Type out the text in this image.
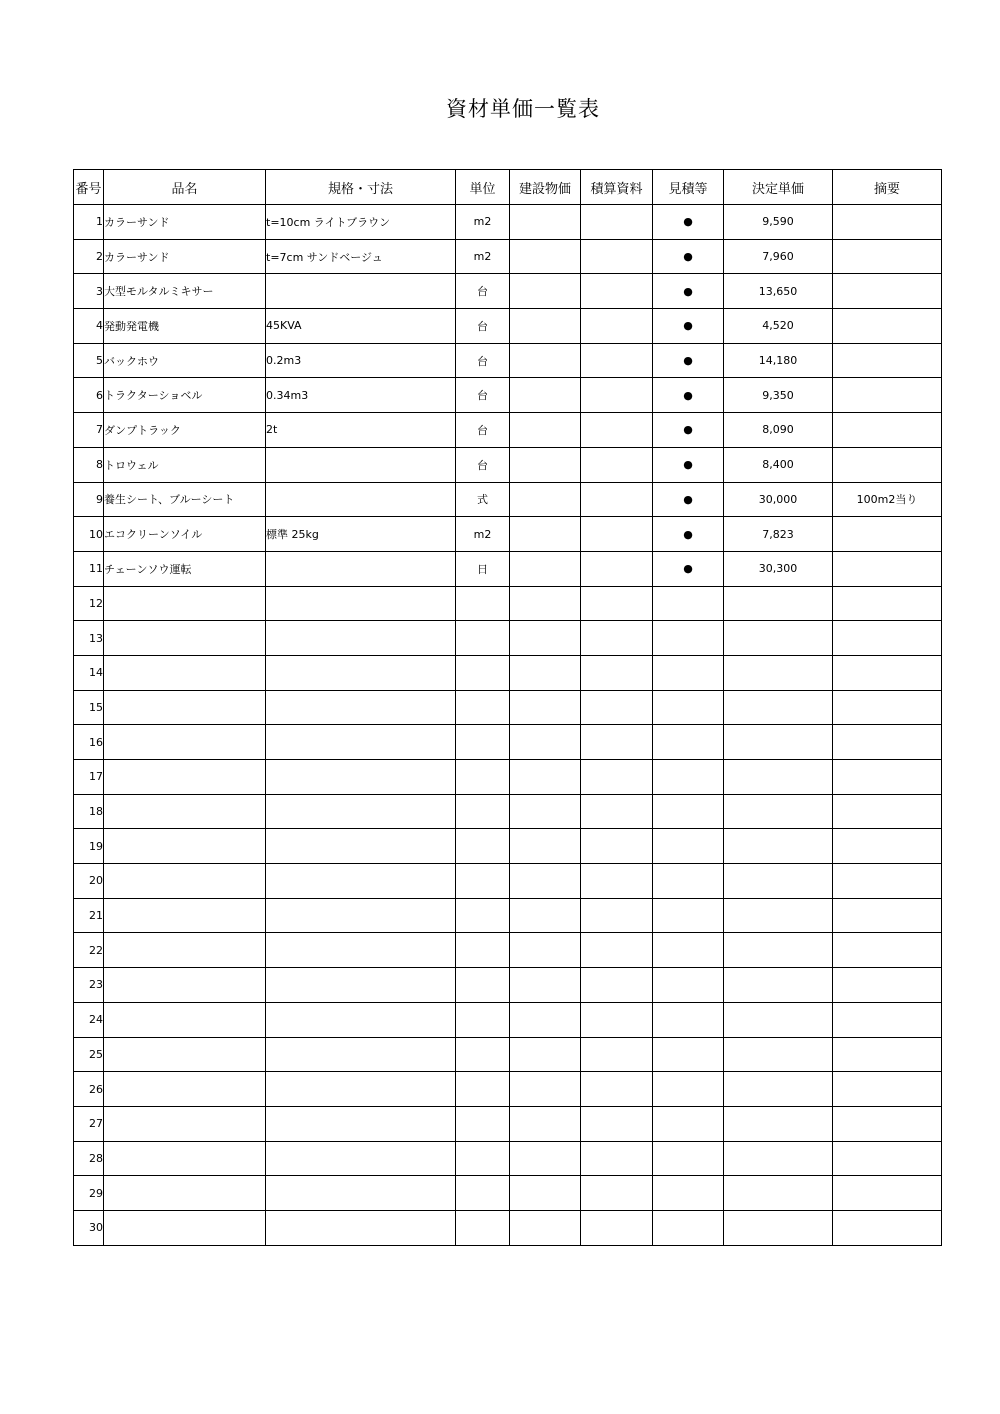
資材単価一覧表
番号	品名	規格・寸法	単位	建設物価	積算資料	見積等	決定単価	摘要
1	カラーサンド	t=10cm ライトブラウン	m2			●	9,590	
2	カラーサンド	t=7cm サンドベージュ	m2			●	7,960	
3	大型モルタルミキサー		台			●	13,650	
4	発動発電機	45KVA	台			●	4,520	
5	バックホウ	0.2m3	台			●	14,180	
6	トラクターショベル	0.34m3	台			●	9,350	
7	ダンプトラック	2t	台			●	8,090	
8	トロウェル		台			●	8,400	
9	養生シート、ブルーシート		式			●	30,000	100m2当り
10	エコクリーンソイル	標準 25kg	m2			●	7,823	
11	チェーンソウ運転		日			●	30,300	
12								
13								
14								
15								
16								
17								
18								
19								
20								
21								
22								
23								
24								
25								
26								
27								
28								
29								
30								
